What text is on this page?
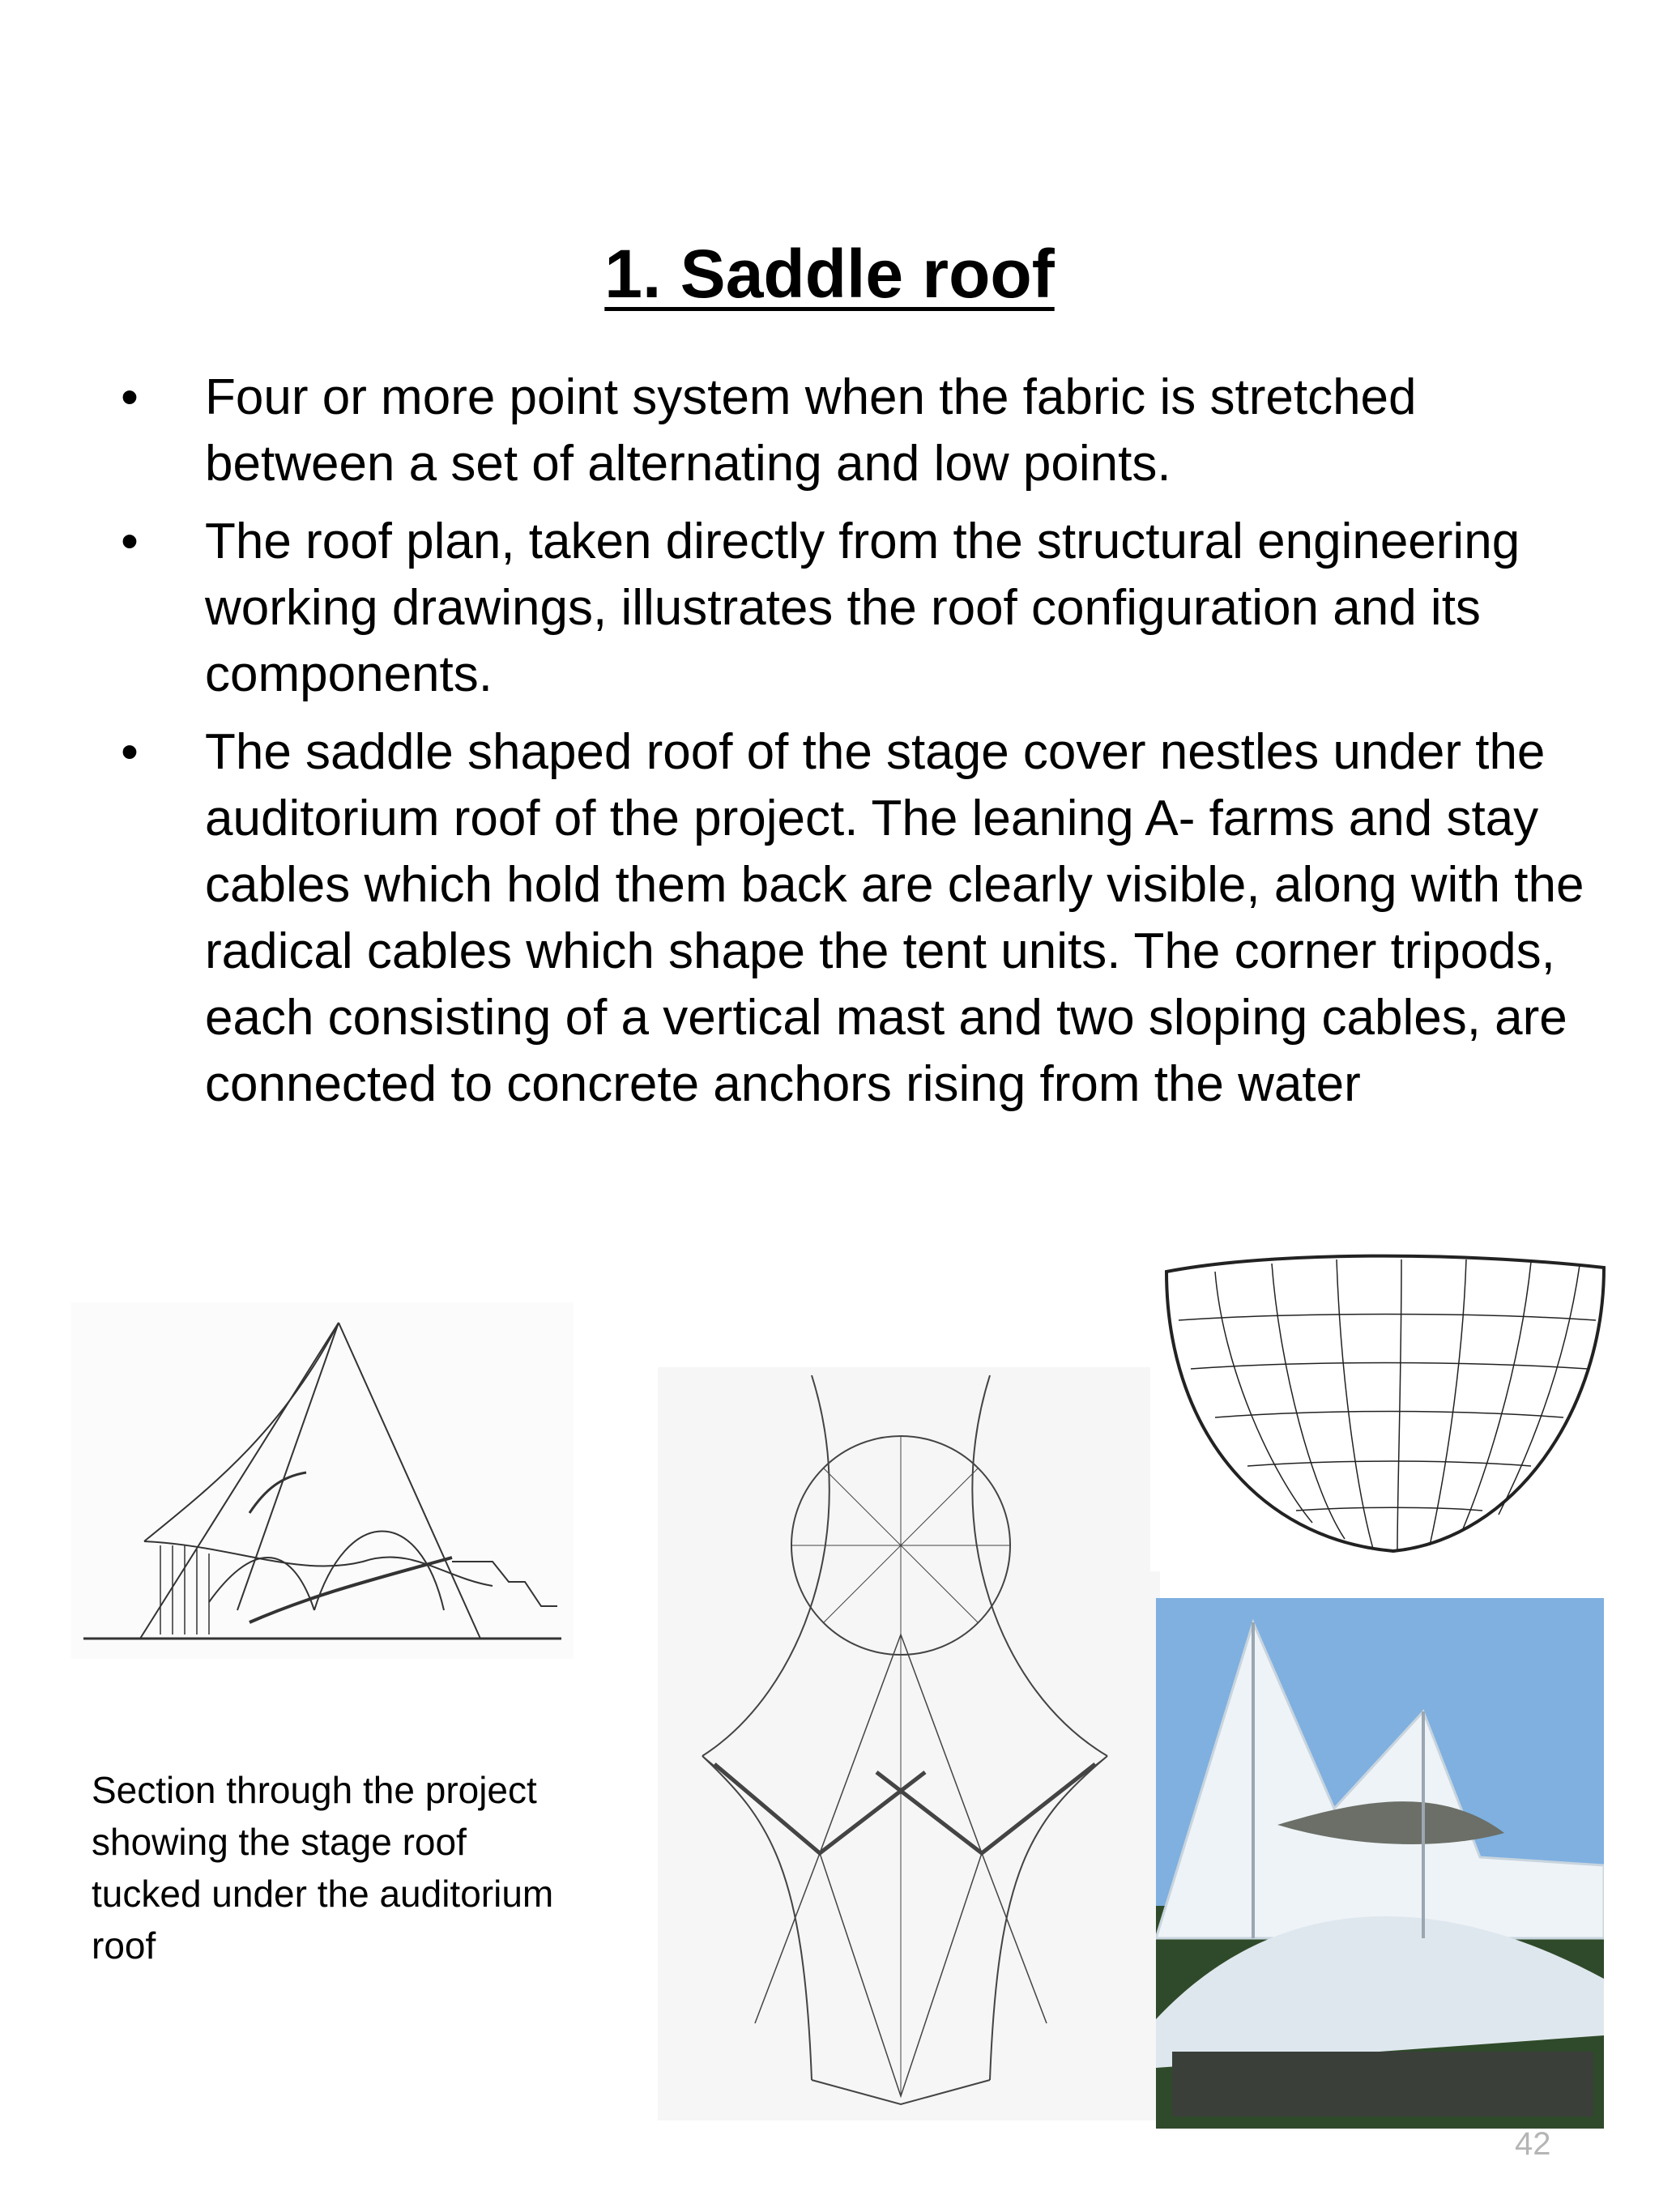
1. Saddle roof
• Four or more point system when the fabric is stretched between a set of alternating and low points.
• The roof plan, taken directly from the structural engineering working drawings, illustrates the roof configuration and its components.
• The saddle shaped roof of the stage cover nestles under the auditorium roof of the project. The leaning A- farms and stay cables which hold them back are clearly visible, along with the radical cables which shape the tent units. The corner tripods, each consisting of a vertical mast and two sloping cables, are connected to concrete anchors rising from the water

Section through the project showing the stage roof tucked under the auditorium roof

42
